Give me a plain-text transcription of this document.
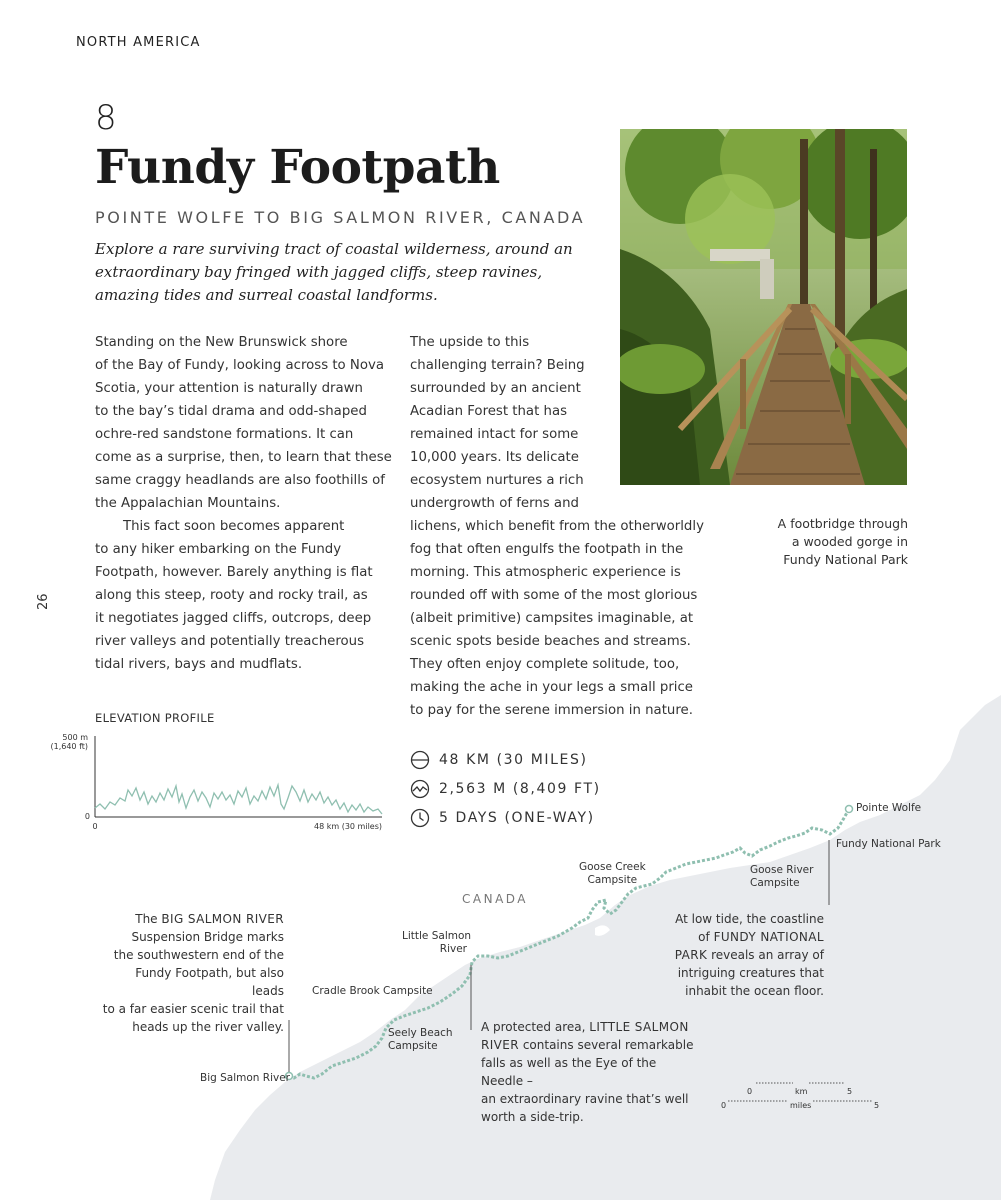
NORTH AMERICA
26
8
Fundy Footpath
POINTE WOLFE TO BIG SALMON RIVER, CANADA
Explore a rare surviving tract of coastal wilderness, around an extraordinary bay fringed with jagged cliffs, steep ravines, amazing tides and surreal coastal landforms.
Standing on the New Brunswick shore
of the Bay of Fundy, looking across to Nova
Scotia, your attention is naturally drawn
to the bay’s tidal drama and odd-shaped
ochre-red sandstone formations. It can
come as a surprise, then, to learn that these
same craggy headlands are also foothills of
the Appalachian Mountains.
This fact soon becomes apparent
to any hiker embarking on the Fundy
Footpath, however. Barely anything is flat
along this steep, rooty and rocky trail, as
it negotiates jagged cliffs, outcrops, deep
river valleys and potentially treacherous
tidal rivers, bays and mudflats.
The upside to this
challenging terrain? Being
surrounded by an ancient
Acadian Forest that has
remained intact for some
10,000 years. Its delicate
ecosystem nurtures a rich
undergrowth of ferns and
lichens, which benefit from the otherworldly
fog that often engulfs the footpath in the
morning. This atmospheric experience is
rounded off with some of the most glorious
(albeit primitive) campsites imaginable, at
scenic spots beside beaches and streams.
They often enjoy complete solitude, too,
making the ache in your legs a small price
to pay for the serene immersion in nature.
A footbridge through
a wooded gorge in
Fundy National Park
ELEVATION PROFILE
500 m
(1,640 ft)
0
0	48 km (30 miles)
48 KM (30 MILES)
2,563 M (8,409 FT)
5 DAYS (ONE-WAY)
CANADA
Pointe Wolfe
Fundy National Park
Goose River
Campsite
Goose Creek
Campsite
Little Salmon
River
Cradle Brook Campsite
Seely Beach
Campsite
Big Salmon River
The BIG SALMON RIVER
Suspension Bridge marks
the southwestern end of the
Fundy Footpath, but also leads
to a far easier scenic trail that
heads up the river valley.	A protected area, LITTLE SALMON
RIVER contains several remarkable
falls as well as the Eye of the Needle –
an extraordinary ravine that’s well
worth a side-trip.
At low tide, the coastline
of FUNDY NATIONAL
PARK reveals an array of
intriguing creatures that
inhabit the ocean floor.
0	km	5
0	miles	5
